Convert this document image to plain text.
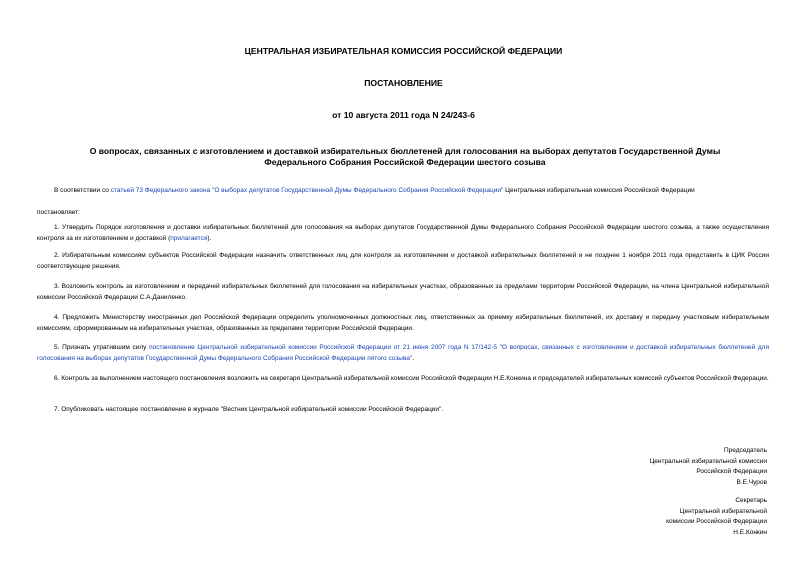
ЦЕНТРАЛЬНАЯ ИЗБИРАТЕЛЬНАЯ КОМИССИЯ РОССИЙСКОЙ ФЕДЕРАЦИИ
ПОСТАНОВЛЕНИЕ
от 10 августа 2011 года N 24/243-6
О вопросах, связанных с изготовлением и доставкой избирательных бюллетеней для голосования на выборах депутатов Государственной Думы Федерального Собрания Российской Федерации шестого созыва
В соответствии со статьей 73 Федерального закона "О выборах депутатов Государственной Думы Федерального Собрания Российской Федерации" Центральная избирательная комиссия Российской Федерации
постановляет:
1. Утвердить Порядок изготовления и доставки избирательных бюллетеней для голосования на выборах депутатов Государственной Думы Федерального Собрания Российской Федерации шестого созыва, а также осуществления контроля за их изготовлением и доставкой (прилагается).
2. Избирательным комиссиям субъектов Российской Федерации назначить ответственных лиц для контроля за изготовлением и доставкой избирательных бюллетеней и не позднее 1 ноября 2011 года представить в ЦИК России соответствующие решения.
3. Возложить контроль за изготовлением и передачей избирательных бюллетеней для голосования на избирательных участках, образованных за пределами территории Российской Федерации, на члена Центральной избирательной комиссии Российской Федерации С.А.Даниленко.
4. Предложить Министерству иностранных дел Российской Федерации определить уполномоченных должностных лиц, ответственных за приемку избирательных бюллетеней, их доставку и передачу участковым избирательным комиссиям, сформированным на избирательных участках, образованных за пределами территории Российской Федерации.
5. Признать утратившим силу постановление Центральной избирательной комиссии Российской Федерации от 21 июня 2007 года N 17/142-5 "О вопросах, связанных с изготовлением и доставкой избирательных бюллетеней для голосования на выборах депутатов Государственной Думы Федерального Собрания Российской Федерации пятого созыва".
6. Контроль за выполнением настоящего постановления возложить на секретаря Центральной избирательной комиссии Российской Федерации Н.Е.Конкина и председателей избирательных комиссий субъектов Российской Федерации.
7. Опубликовать настоящее постановление в журнале "Вестник Центральной избирательной комиссии Российской Федерации".
Председатель
Центральной избирательной комиссии
Российской Федерации
В.Е.Чуров
Секретарь
Центральной избирательной
комиссии Российской Федерации
Н.Е.Конкин
